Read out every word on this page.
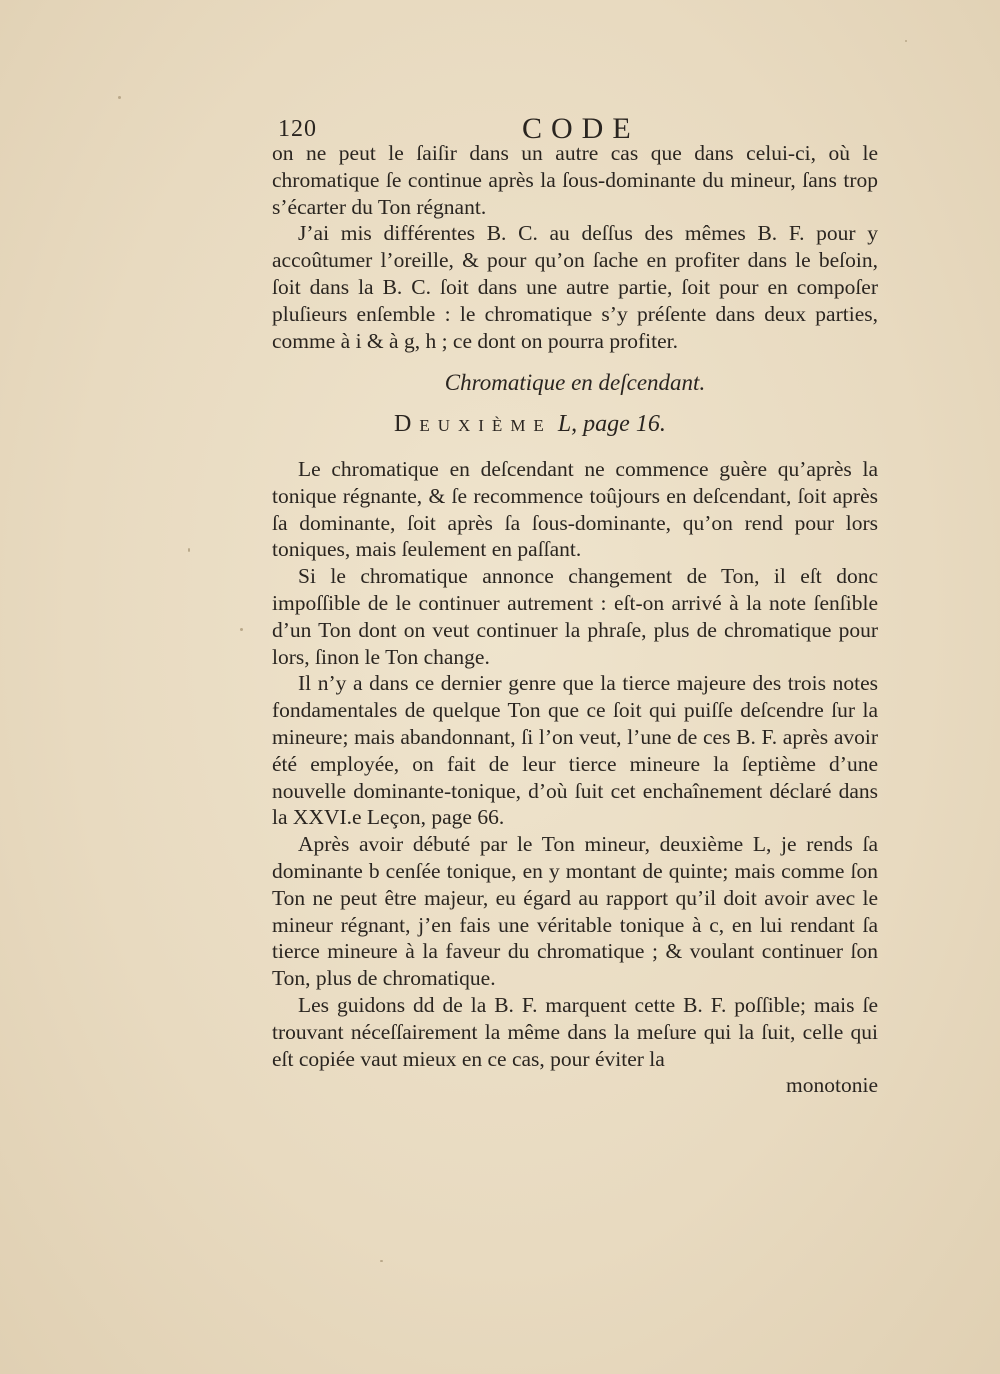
120	CODE

on ne peut le ſaiſir dans un autre cas que dans celui-ci, où le chromatique ſe continue après la ſous-dominante du mineur, ſans trop s’écarter du Ton régnant.

J’ai mis différentes B. C. au deſſus des mêmes B. F. pour y accoûtumer l’oreille, & pour qu’on ſache en profiter dans le beſoin, ſoit dans la B. C. ſoit dans une autre partie, ſoit pour en compoſer pluſieurs enſemble : le chromatique s’y préſente dans deux parties, comme à i & à g, h ; ce dont on pourra profiter.

Chromatique en deſcendant.

Deuxième L, page 16.

Le chromatique en deſcendant ne commence guère qu’après la tonique régnante, & ſe recommence toûjours en deſcendant, ſoit après ſa dominante, ſoit après ſa ſous-dominante, qu’on rend pour lors toniques, mais ſeulement en paſſant.

Si le chromatique annonce changement de Ton, il eſt donc impoſſible de le continuer autrement : eſt-on arrivé à la note ſenſible d’un Ton dont on veut continuer la phraſe, plus de chromatique pour lors, ſinon le Ton change.

Il n’y a dans ce dernier genre que la tierce majeure des trois notes fondamentales de quelque Ton que ce ſoit qui puiſſe deſcendre ſur la mineure; mais abandonnant, ſi l’on veut, l’une de ces B. F. après avoir été employée, on fait de leur tierce mineure la ſeptième d’une nouvelle dominante-tonique, d’où ſuit cet enchaînement déclaré dans la XXVI.e Leçon, page 66.

Après avoir débuté par le Ton mineur, deuxième L, je rends ſa dominante b cenſée tonique, en y montant de quinte; mais comme ſon Ton ne peut être majeur, eu égard au rapport qu’il doit avoir avec le mineur régnant, j’en fais une véritable tonique à c, en lui rendant ſa tierce mineure à la faveur du chromatique ; & voulant continuer ſon Ton, plus de chromatique.

Les guidons dd de la B. F. marquent cette B. F. poſſible; mais ſe trouvant néceſſairement la même dans la meſure qui la ſuit, celle qui eſt copiée vaut mieux en ce cas, pour éviter la

monotonie
